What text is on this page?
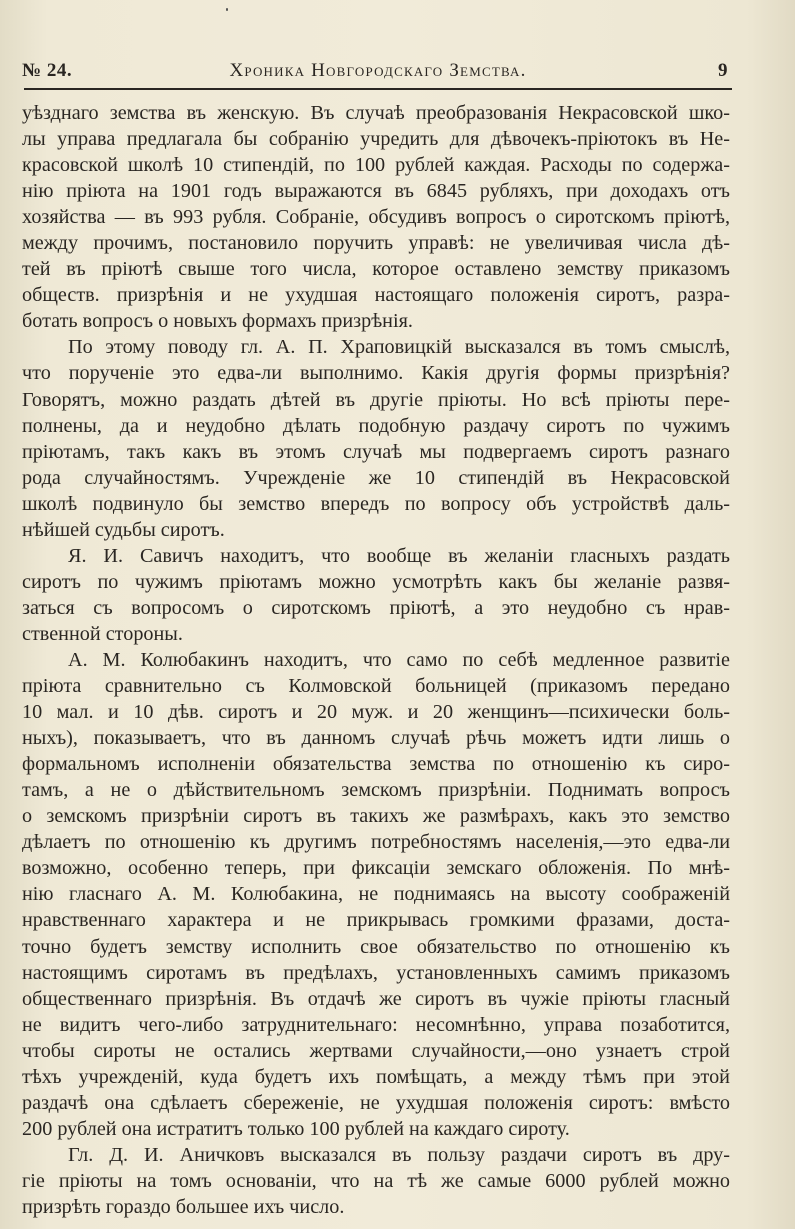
№ 24.	Хроника Новгородскаго Земства.	9
уѣзднаго земства въ женскую. Въ случаѣ преобразованія Некрасовской шко-
лы управа предлагала бы собранію учредить для дѣвочекъ-пріютокъ въ Не-
красовской школѣ 10 стипендій, по 100 рублей каждая. Расходы по содержа-
нію пріюта на 1901 годъ выражаются въ 6845 рубляхъ, при доходахъ отъ
хозяйства — въ 993 рубля. Собраніе, обсудивъ вопросъ о сиротскомъ пріютѣ,
между прочимъ, постановило поручить управѣ: не увеличивая числа дѣ-
тей въ пріютѣ свыше того числа, которое оставлено земству приказомъ
обществ. призрѣнія и не ухудшая настоящаго положенія сиротъ, разра-
ботать вопросъ о новыхъ формахъ призрѣнія.
По этому поводу гл. А. П. Храповицкій высказался въ томъ смыслѣ,
что порученіе это едва-ли выполнимо. Какія другія формы призрѣнія?
Говорятъ, можно раздать дѣтей въ другіе пріюты. Но всѣ пріюты пере-
полнены, да и неудобно дѣлать подобную раздачу сиротъ по чужимъ
пріютамъ, такъ какъ въ этомъ случаѣ мы подвергаемъ сиротъ разнаго
рода случайностямъ. Учрежденіе же 10 стипендій въ Некрасовской
школѣ подвинуло бы земство впередъ по вопросу объ устройствѣ даль-
нѣйшей судьбы сиротъ.
Я. И. Савичъ находитъ, что вообще въ желаніи гласныхъ раздать
сиротъ по чужимъ пріютамъ можно усмотрѣть какъ бы желаніе развя-
заться съ вопросомъ о сиротскомъ пріютѣ, а это неудобно съ нрав-
ственной стороны.
А. М. Колюбакинъ находитъ, что само по себѣ медленное развитіе
пріюта сравнительно съ Колмовской больницей (приказомъ передано
10 мал. и 10 дѣв. сиротъ и 20 муж. и 20 женщинъ—психически боль-
ныхъ), показываетъ, что въ данномъ случаѣ рѣчь можетъ идти лишь о
формальномъ исполненіи обязательства земства по отношенію къ сиро-
тамъ, а не о дѣйствительномъ земскомъ призрѣніи. Поднимать вопросъ
о земскомъ призрѣніи сиротъ въ такихъ же размѣрахъ, какъ это земство
дѣлаетъ по отношенію къ другимъ потребностямъ населенія,—это едва-ли
возможно, особенно теперь, при фиксаціи земскаго обложенія. По мнѣ-
нію гласнаго А. М. Колюбакина, не поднимаясь на высоту соображеній
нравственнаго характера и не прикрывась громкими фразами, доста-
точно будетъ земству исполнить свое обязательство по отношенію къ
настоящимъ сиротамъ въ предѣлахъ, установленныхъ самимъ приказомъ
общественнаго призрѣнія. Въ отдачѣ же сиротъ въ чужіе пріюты гласный
не видитъ чего-либо затруднительнаго: несомнѣнно, управа позаботится,
чтобы сироты не остались жертвами случайности,—оно узнаетъ строй
тѣхъ учрежденій, куда будетъ ихъ помѣщать, а между тѣмъ при этой
раздачѣ она сдѣлаетъ сбереженіе, не ухудшая положенія сиротъ: вмѣсто
200 рублей она истратитъ только 100 рублей на каждаго сироту.
Гл. Д. И. Аничковъ высказался въ пользу раздачи сиротъ въ дру-
гіе пріюты на томъ основаніи, что на тѣ же самые 6000 рублей можно
призрѣть гораздо большее ихъ число.
